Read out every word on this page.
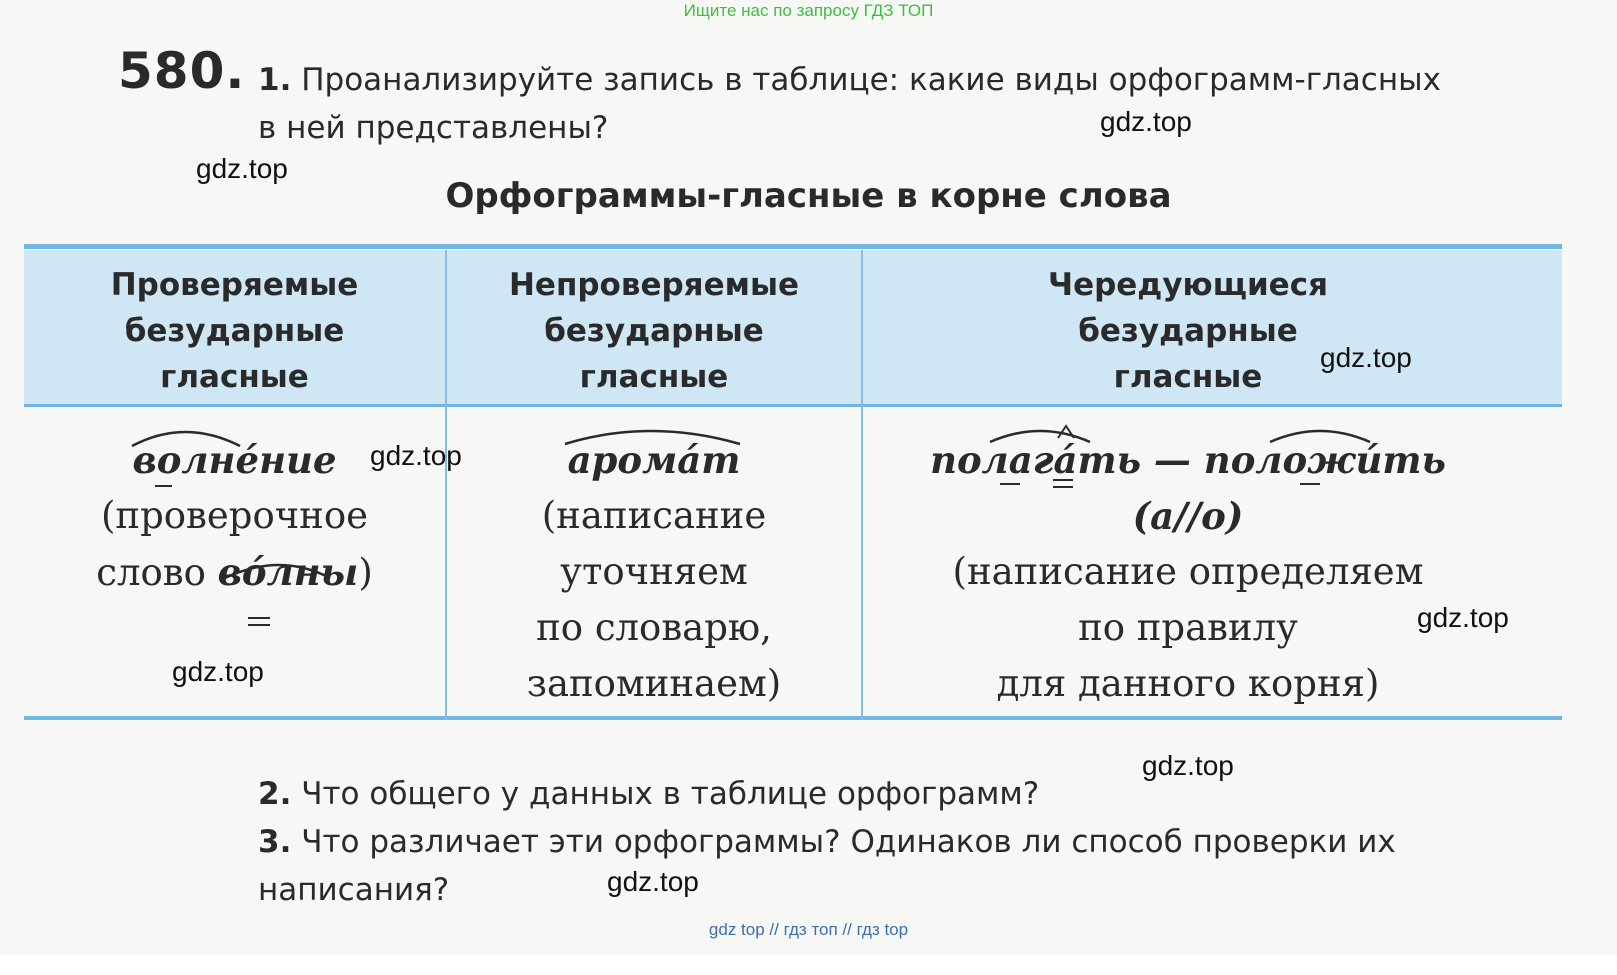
Ищите нас по запросу ГДЗ ТОП
580. 1. Проанализируйте запись в таблице: какие виды орфограмм-гласных
в ней представлены?
Орфограммы-гласные в корне слова
Проверяемые
безударные
гласные
Непроверяемые
безударные
гласные
Чередующиеся
безударные
гласные
волнéние
(проверочное
слово вóлны)
аромáт
(написание
уточняем
по словарю,
запоминаем)
полагáть — положúть
(а//о)
(написание определяем
по правилу
для данного корня)
2. Что общего у данных в таблице орфограмм?
3. Что различает эти орфограммы? Одинаков ли способ проверки их
написания?
gdz.top
gdz.top
gdz.top
gdz.top
gdz.top
gdz.top
gdz.top
gdz.top
gdz top // гдз топ // гдз top
